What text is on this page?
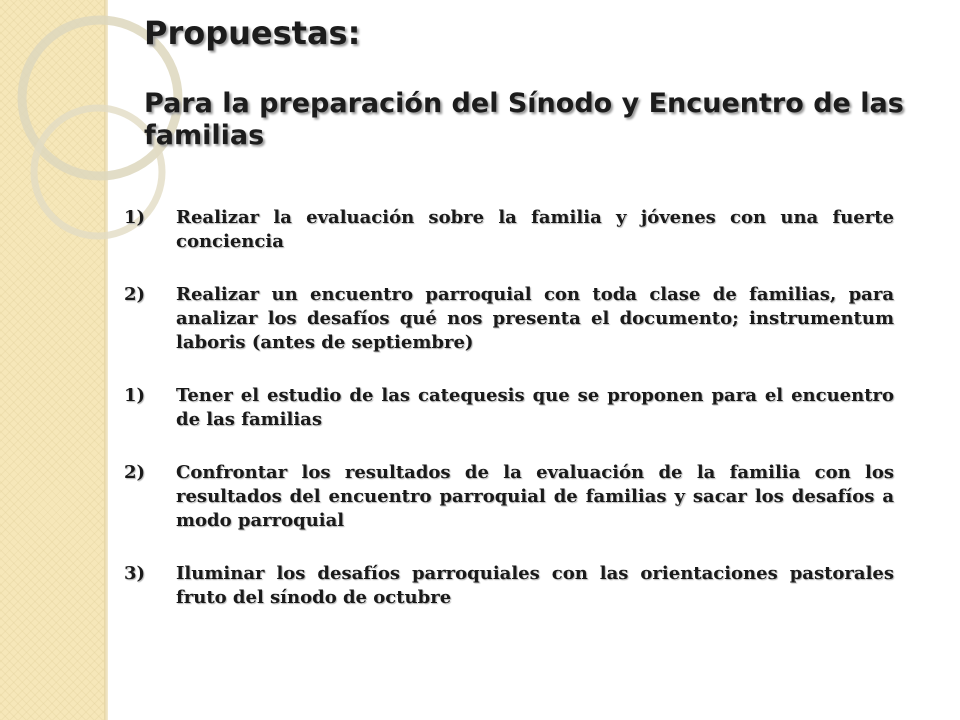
Propuestas:
Para la preparación del Sínodo y Encuentro de las familias
1)	Realizar la evaluación sobre la familia y jóvenes con una fuerte conciencia
2)	Realizar un encuentro parroquial con toda clase de familias, para analizar los desafíos qué nos presenta el documento; instrumentum laboris (antes de septiembre)
1)	Tener el estudio de las catequesis que se proponen para el encuentro de las familias
2)	Confrontar los resultados de la evaluación de la familia con los resultados del encuentro parroquial de familias y sacar los desafíos a modo parroquial
3)	Iluminar los desafíos parroquiales con las orientaciones pastorales fruto del sínodo de octubre
